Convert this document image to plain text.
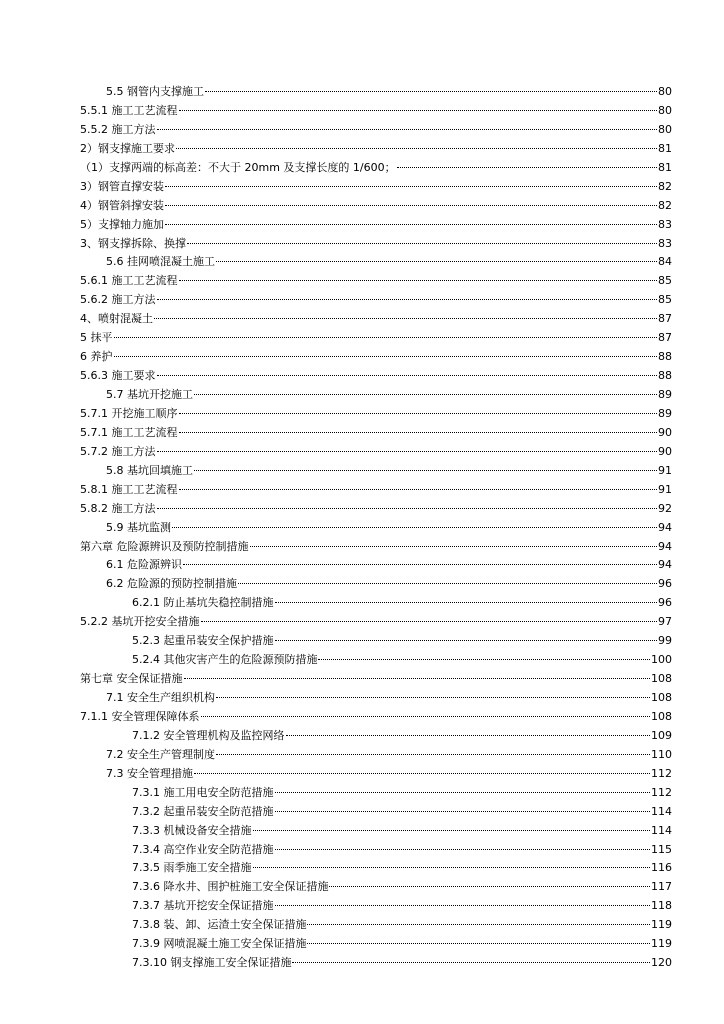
5.5 钢管内支撑施工	80
5.5.1 施工工艺流程	80
5.5.2 施工方法	80
2）钢支撑施工要求	81
（1）支撑两端的标高差：不大于 20mm 及支撑长度的 1/600；	81
3）钢管直撑安装	82
4）钢管斜撑安装	82
5）支撑轴力施加	83
3、钢支撑拆除、换撑	83
5.6 挂网喷混凝土施工	84
5.6.1 施工工艺流程	85
5.6.2 施工方法	85
4、喷射混凝土	87
5 抹平	87
6 养护	88
5.6.3 施工要求	88
5.7 基坑开挖施工	89
5.7.1 开挖施工顺序	89
5.7.1 施工工艺流程	90
5.7.2 施工方法	90
5.8 基坑回填施工	91
5.8.1 施工工艺流程	91
5.8.2 施工方法	92
5.9 基坑监测	94
第六章 危险源辨识及预防控制措施	94
6.1 危险源辨识	94
6.2 危险源的预防控制措施	96
6.2.1 防止基坑失稳控制措施	96
5.2.2 基坑开挖安全措施	97
5.2.3 起重吊装安全保护措施	99
5.2.4 其他灾害产生的危险源预防措施	100
第七章 安全保证措施	108
7.1 安全生产组织机构	108
7.1.1 安全管理保障体系	108
7.1.2 安全管理机构及监控网络	109
7.2 安全生产管理制度	110
7.3 安全管理措施	112
7.3.1 施工用电安全防范措施	112
7.3.2 起重吊装安全防范措施	114
7.3.3 机械设备安全措施	114
7.3.4 高空作业安全防范措施	115
7.3.5 雨季施工安全措施	116
7.3.6 降水井、围护桩施工安全保证措施	117
7.3.7 基坑开挖安全保证措施	118
7.3.8 装、卸、运渣土安全保证措施	119
7.3.9 网喷混凝土施工安全保证措施	119
7.3.10 钢支撑施工安全保证措施	120
